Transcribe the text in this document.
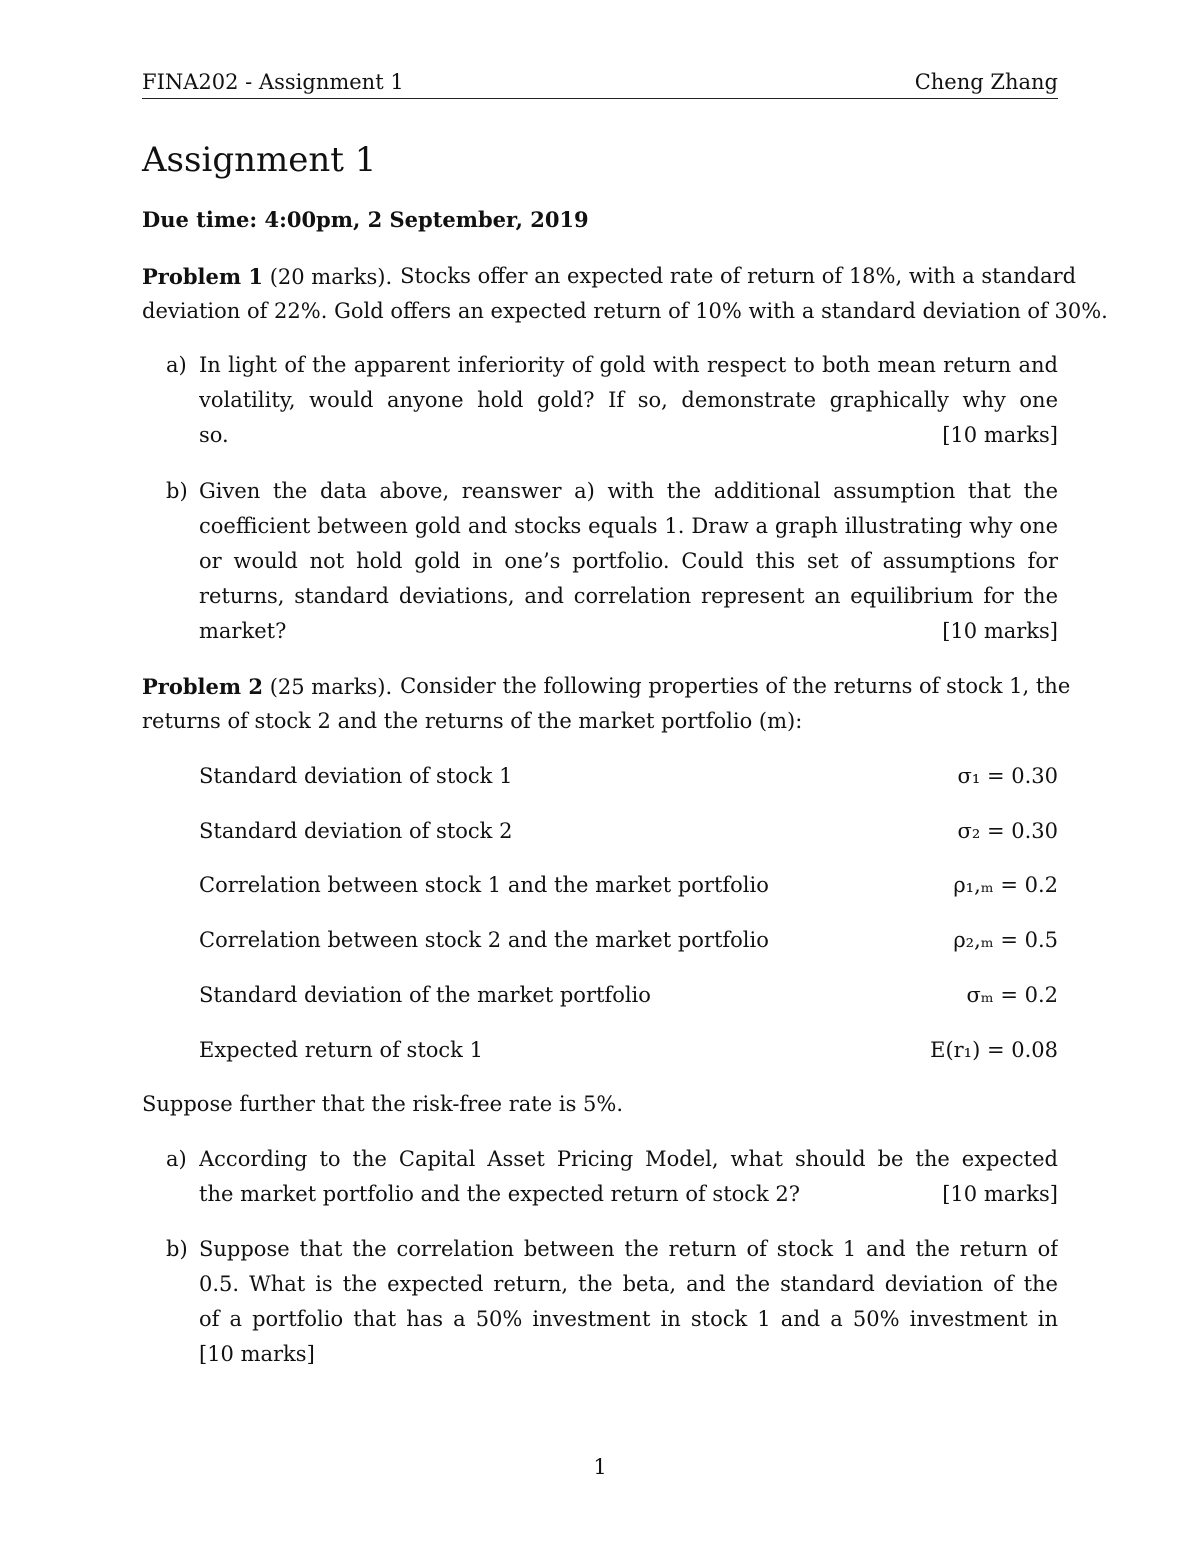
FINA202 - Assignment 1	Cheng Zhang
Assignment 1
Due time: 4:00pm, 2 September, 2019
Problem 1 (20 marks). Stocks offer an expected rate of return of 18%, with a standard
deviation of 22%. Gold offers an expected return of 10% with a standard deviation of 30%.
a) In light of the apparent inferiority of gold with respect to both mean return and
volatility, would anyone hold gold? If so, demonstrate graphically why one
so.	[10 marks]
b) Given the data above, reanswer a) with the additional assumption that the
coefficient between gold and stocks equals 1. Draw a graph illustrating why one
or would not hold gold in one’s portfolio. Could this set of assumptions for
returns, standard deviations, and correlation represent an equilibrium for the
market?	[10 marks]
Problem 2 (25 marks). Consider the following properties of the returns of stock 1, the
returns of stock 2 and the returns of the market portfolio (m):
Standard deviation of stock 1	σ₁ = 0.30
Standard deviation of stock 2	σ₂ = 0.30
Correlation between stock 1 and the market portfolio	ρ₁,ₘ = 0.2
Correlation between stock 2 and the market portfolio	ρ₂,ₘ = 0.5
Standard deviation of the market portfolio	σₘ = 0.2
Expected return of stock 1	E(r₁) = 0.08
Suppose further that the risk-free rate is 5%.
a) According to the Capital Asset Pricing Model, what should be the expected
the market portfolio and the expected return of stock 2?	[10 marks]
b) Suppose that the correlation between the return of stock 1 and the return of
0.5. What is the expected return, the beta, and the standard deviation of the
of a portfolio that has a 50% investment in stock 1 and a 50% investment in
[10 marks]
1
